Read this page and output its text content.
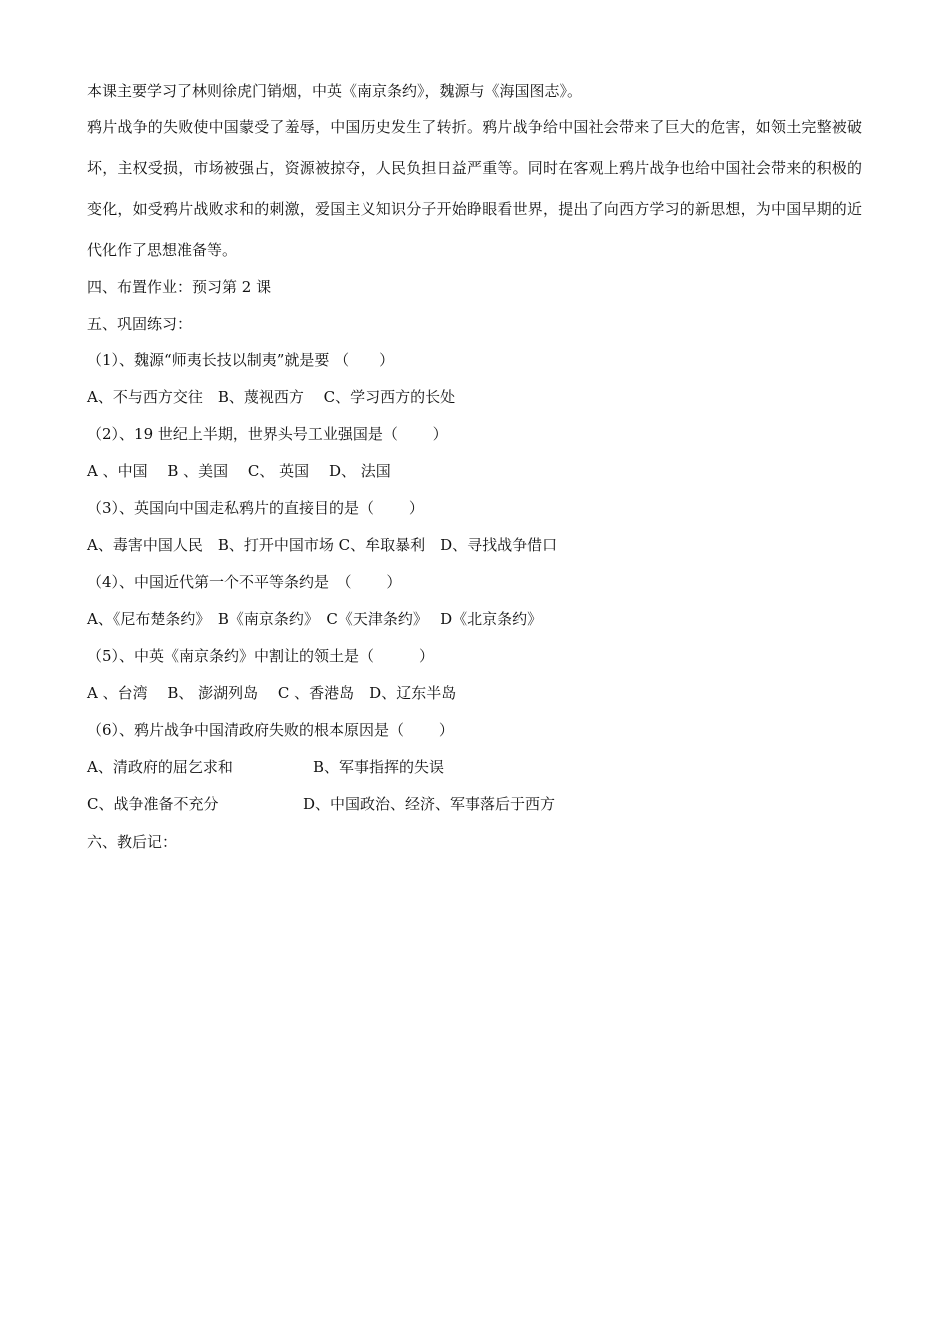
本课主要学习了林则徐虎门销烟，中英《南京条约》，魏源与《海国图志》。
鸦片战争的失败使中国蒙受了羞辱，中国历史发生了转折。鸦片战争给中国社会带来了巨大的危害，如领土完整被破坏，主权受损，市场被强占，资源被掠夺，人民负担日益严重等。同时在客观上鸦片战争也给中国社会带来的积极的变化，如受鸦片战败求和的刺激，爱国主义知识分子开始睁眼看世界，提出了向西方学习的新思想，为中国早期的近代化作了思想准备等。
四、布置作业：预习第 2 课
五、巩固练习：
（1）、魏源“师夷长技以制夷”就是要 （　　）
A、不与西方交往　B、蔑视西方　 C、学习西方的长处
（2）、19 世纪上半期，世界头号工业强国是（　　 ）
A 、中国　 B 、美国　 C、 英国　 D、 法国
（3）、英国向中国走私鸦片的直接目的是（　　 ）
A、毒害中国人民　B、打开中国市场 C、牟取暴利　D、寻找战争借口
（4）、中国近代第一个不平等条约是　（　　 ）
A、《尼布楚条约》　B《南京条约》　C《天津条约》　 D《北京条约》
（5）、中英《南京条约》中割让的领土是（　　　）
A 、台湾　 B、 澎湖列岛　 C 、香港岛　D、辽东半岛
（6）、鸦片战争中国清政府失败的根本原因是（　　 ）
A、清政府的屈乞求和	B、军事指挥的失误
C、战争准备不充分	D、中国政治、经济、军事落后于西方
六、教后记：
